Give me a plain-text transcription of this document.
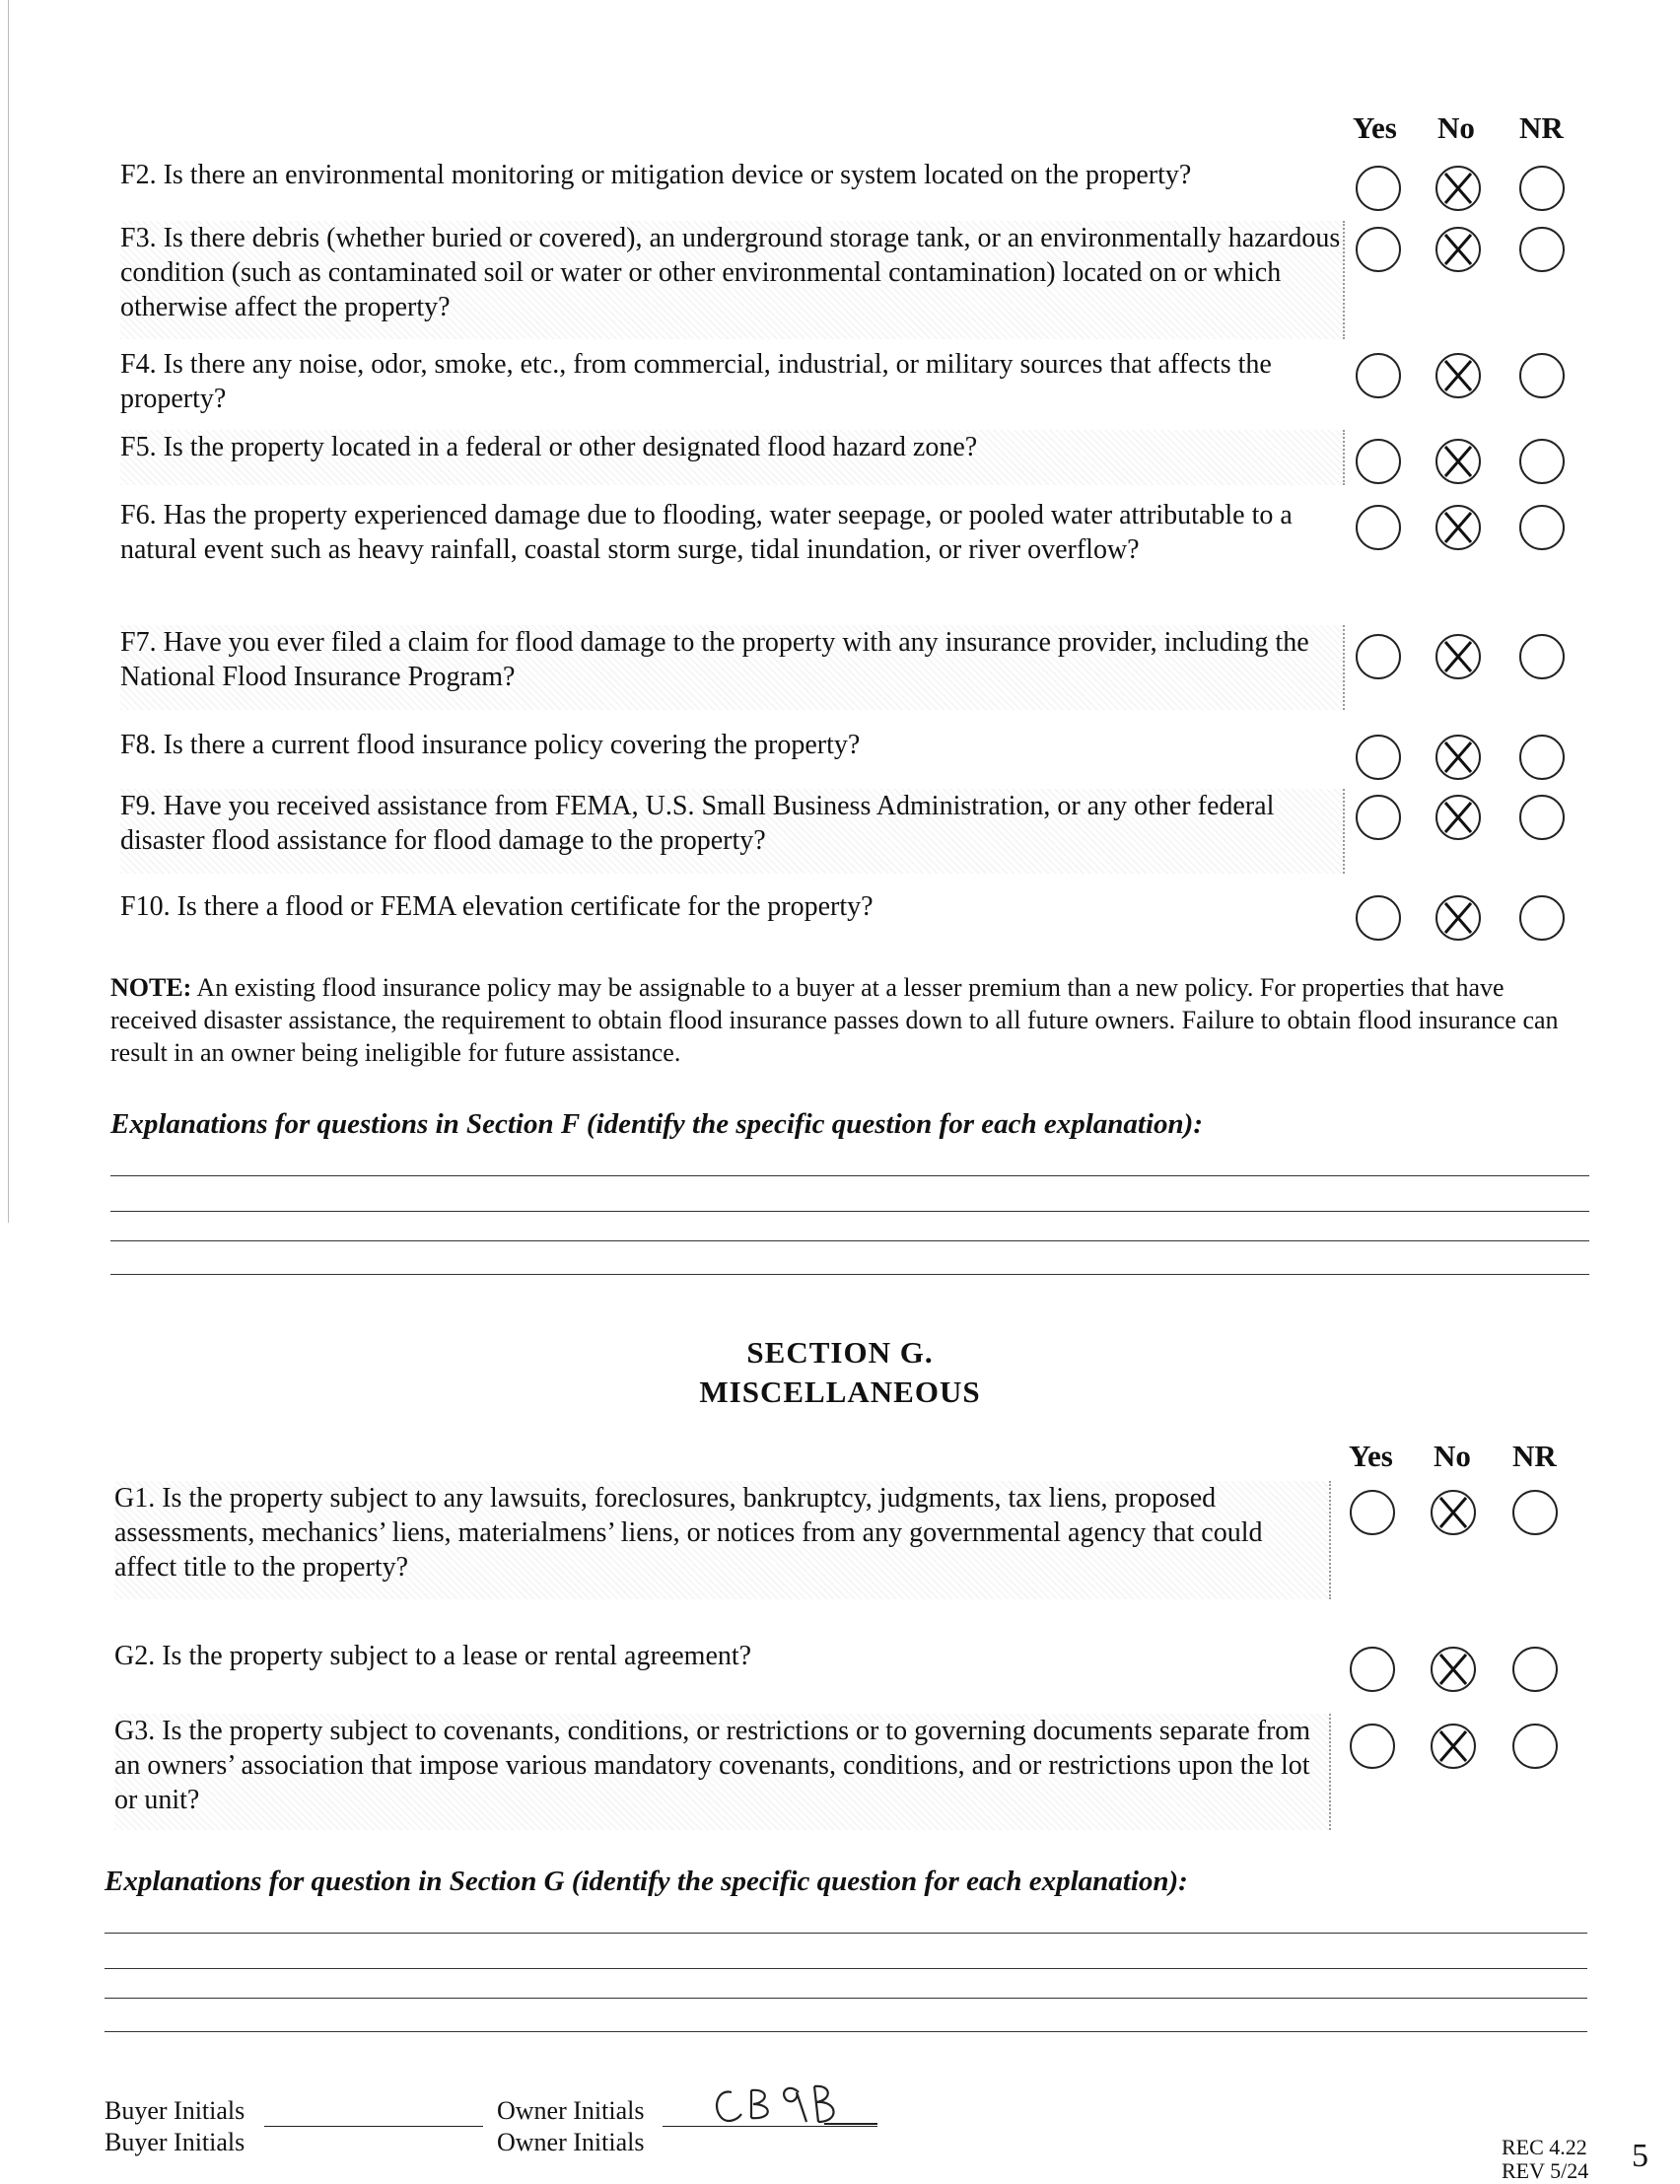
Yes No NR
F2. Is there an environmental monitoring or mitigation device or system located on the property?
F3. Is there debris (whether buried or covered), an underground storage tank, or an environmentally hazardous condition (such as contaminated soil or water or other environmental contamination) located on or which otherwise affect the property?
F4. Is there any noise, odor, smoke, etc., from commercial, industrial, or military sources that affects the property?
F5. Is the property located in a federal or other designated flood hazard zone?
F6. Has the property experienced damage due to flooding, water seepage, or pooled water attributable to a natural event such as heavy rainfall, coastal storm surge, tidal inundation, or river overflow?
F7. Have you ever filed a claim for flood damage to the property with any insurance provider, including the National Flood Insurance Program?
F8. Is there a current flood insurance policy covering the property?
F9. Have you received assistance from FEMA, U.S. Small Business Administration, or any other federal disaster flood assistance for flood damage to the property?
F10. Is there a flood or FEMA elevation certificate for the property?
NOTE: An existing flood insurance policy may be assignable to a buyer at a lesser premium than a new policy. For properties that have received disaster assistance, the requirement to obtain flood insurance passes down to all future owners. Failure to obtain flood insurance can result in an owner being ineligible for future assistance.
Explanations for questions in Section F (identify the specific question for each explanation):
SECTION G.
MISCELLANEOUS
Yes No NR
G1. Is the property subject to any lawsuits, foreclosures, bankruptcy, judgments, tax liens, proposed assessments, mechanics’ liens, materialmens’ liens, or notices from any governmental agency that could affect title to the property?
G2. Is the property subject to a lease or rental agreement?
G3. Is the property subject to covenants, conditions, or restrictions or to governing documents separate from an owners’ association that impose various mandatory covenants, conditions, and or restrictions upon the lot or unit?
Explanations for question in Section G (identify the specific question for each explanation):
Buyer Initials
Buyer Initials
Owner Initials
Owner Initials	REC 4.22
REV 5/24 5
